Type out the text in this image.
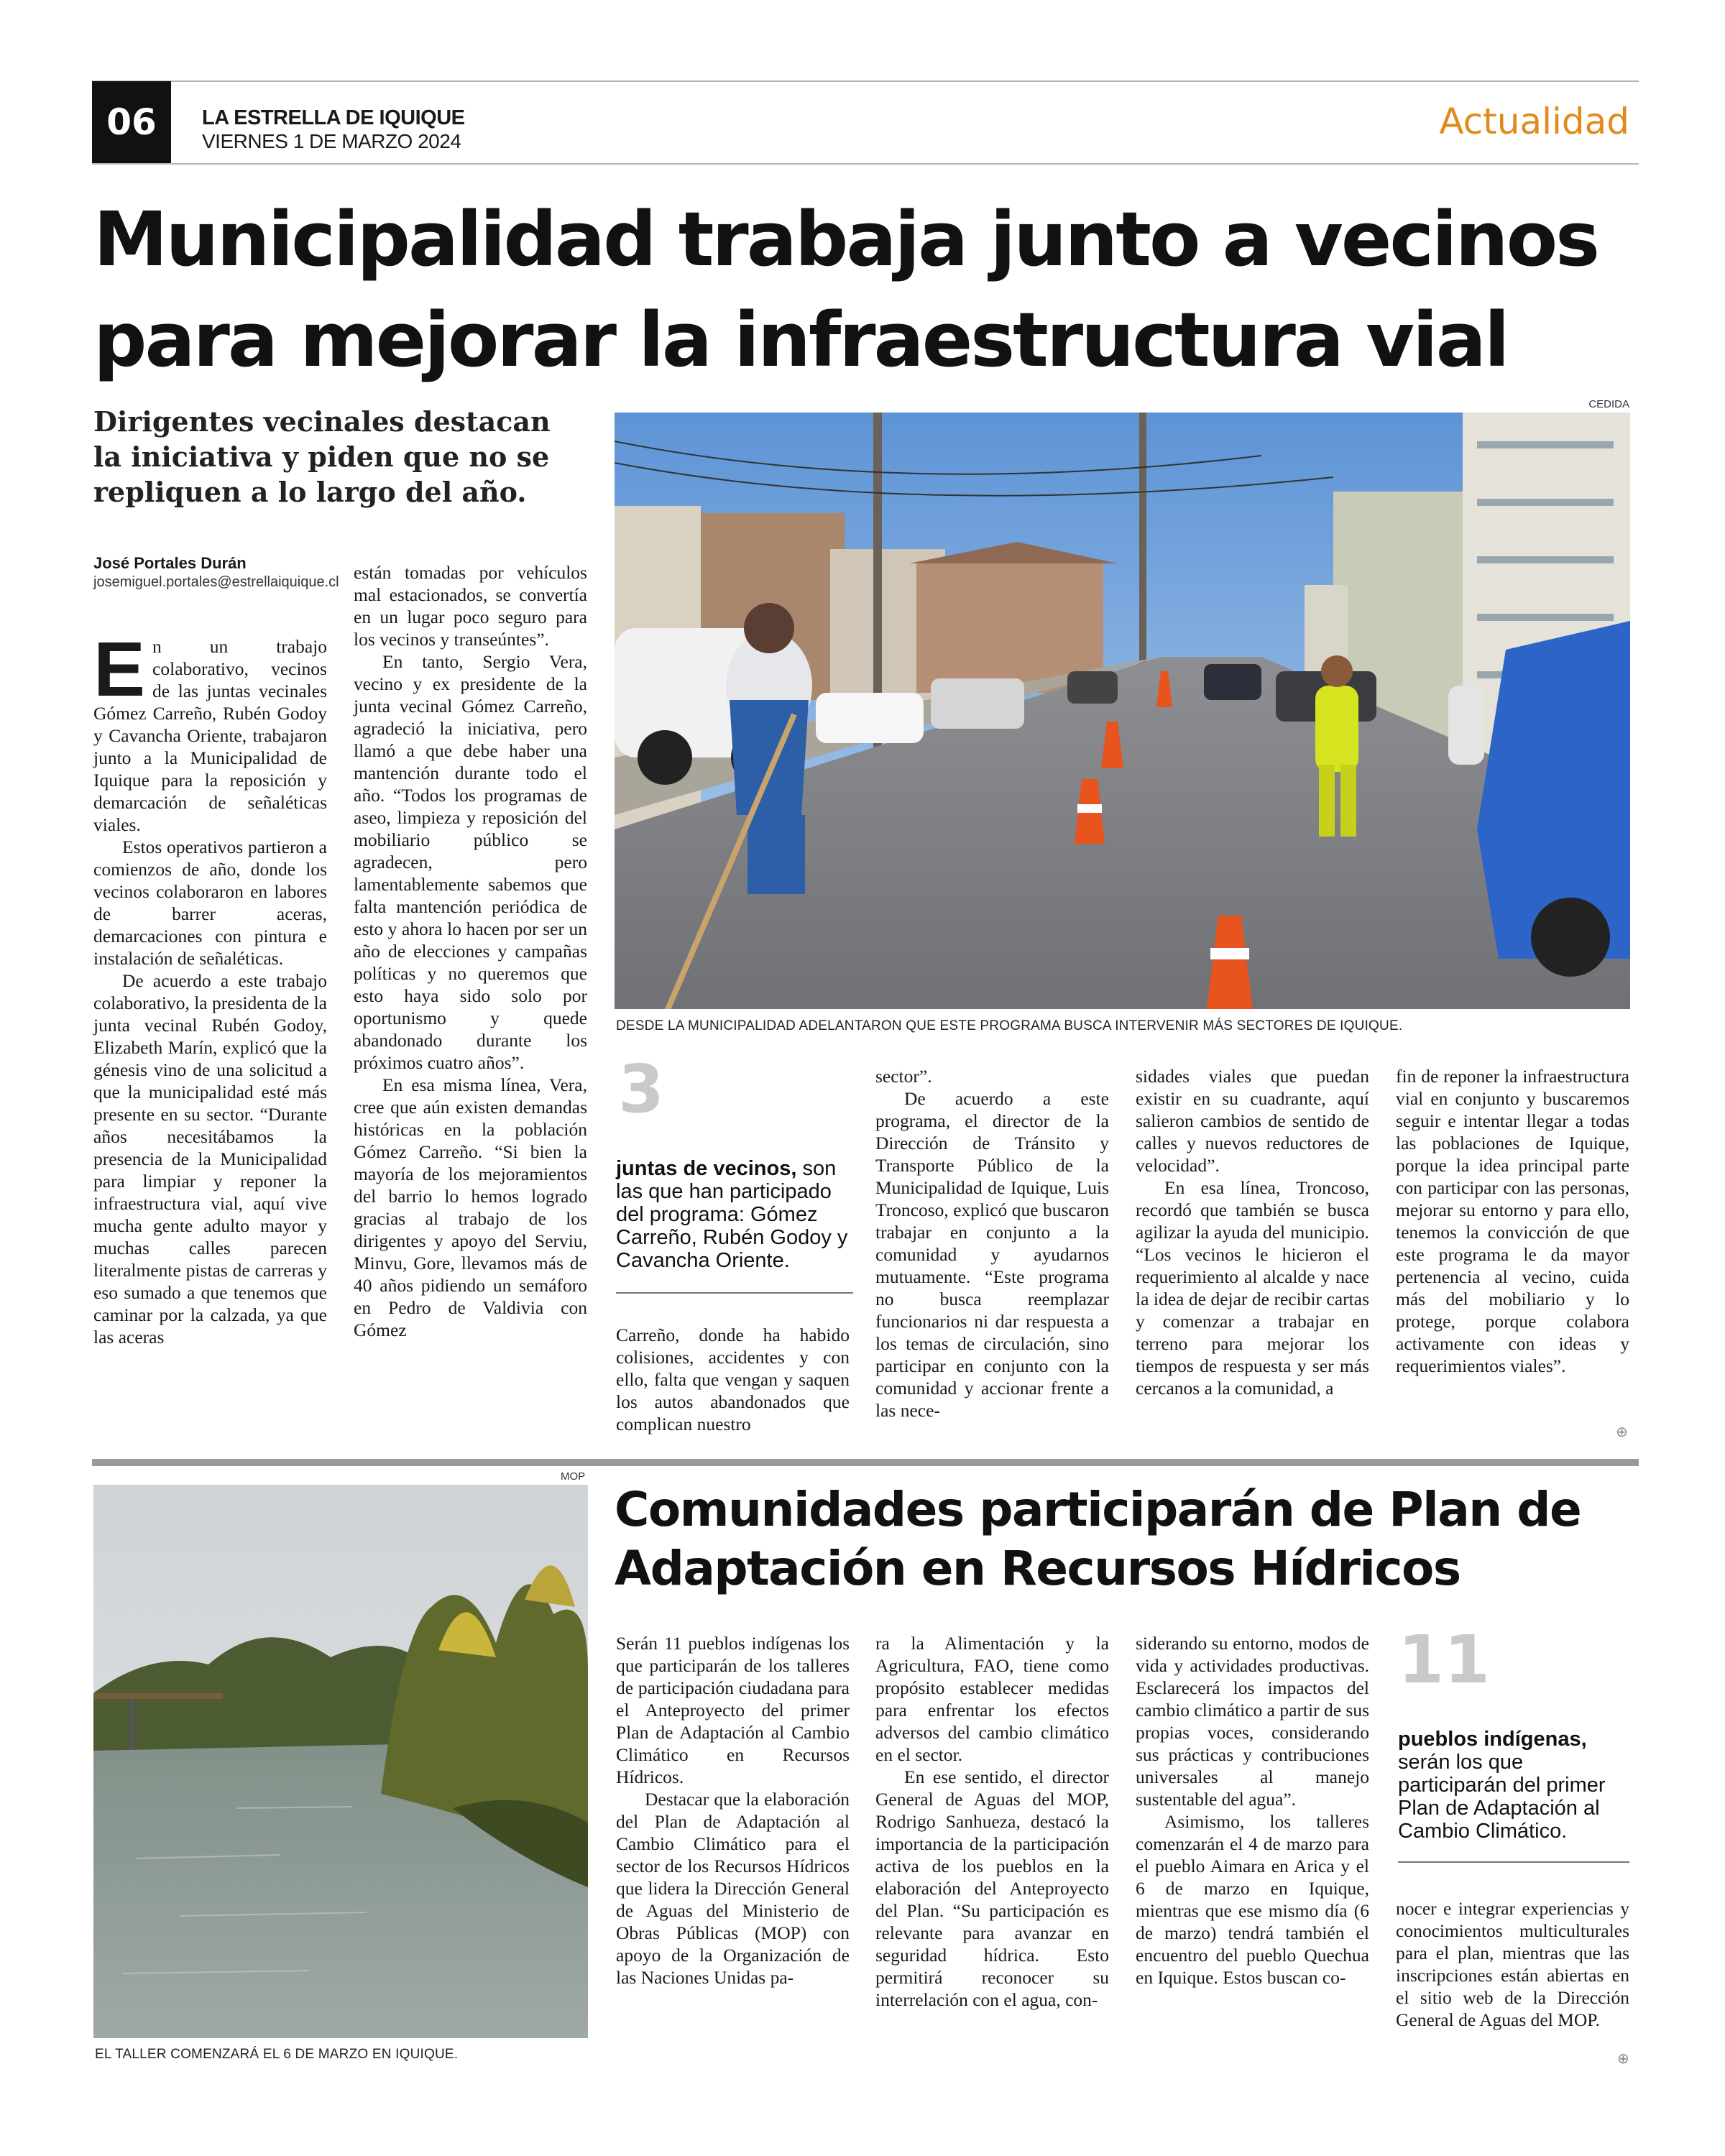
06	LA ESTRELLA DE IQUIQUE
VIERNES 1 DE MARZO 2024	Actualidad
Municipalidad trabaja junto a vecinos
para mejorar la infraestructura vial
Dirigentes vecinales destacan la iniciativa y piden que no se repliquen a lo largo del año.
José Portales Durán
josemiguel.portales@estrellaiquique.cl
CEDIDA
DESDE LA MUNICIPALIDAD ADELANTARON QUE ESTE PROGRAMA BUSCA INTERVENIR MÁS SECTORES DE IQUIQUE.
E n un trabajo colaborativo, vecinos de las juntas vecinales Gómez Carreño, Rubén Godoy y Cavancha Oriente, trabajaron junto a la Municipalidad de Iquique para la reposición y demarcación de señaléticas viales.

Estos operativos partieron a comienzos de año, donde los vecinos colaboraron en labores de barrer aceras, demarcaciones con pintura e instalación de señaléticas.

De acuerdo a este trabajo colaborativo, la presidenta de la junta vecinal Rubén Godoy, Elizabeth Marín, explicó que la génesis vino de una solicitud a que la municipalidad esté más presente en su sector. “Durante años necesitábamos la presencia de la Municipalidad para limpiar y reponer la infraestructura vial, aquí vive mucha gente adulto mayor y muchas calles parecen literalmente pistas de carreras y eso sumado a que tenemos que caminar por la calzada, ya que las aceras

están tomadas por vehículos mal estacionados, se convertía en un lugar poco seguro para los vecinos y transeúntes”.

En tanto, Sergio Vera, vecino y ex presidente de la junta vecinal Gómez Carreño, agradeció la iniciativa, pero llamó a que debe haber una mantención durante todo el año. “Todos los programas de aseo, limpieza y reposición del mobiliario público se agradecen, pero lamentablemente sabemos que falta mantención periódica de esto y ahora lo hacen por ser un año de elecciones y campañas políticas y no queremos que esto haya sido solo por oportunismo y quede abandonado durante los próximos cuatro años”.

En esa misma línea, Vera, cree que aún existen demandas históricas en la población Gómez Carreño. “Si bien la mayoría de los mejoramientos del barrio lo hemos logrado gracias al trabajo de los dirigentes y apoyo del Serviu, Minvu, Gore, llevamos más de 40 años pidiendo un semáforo en Pedro de Valdivia con Gómez

3
juntas de vecinos, son las que han participado del programa: Gómez Carreño, Rubén Godoy y Cavancha Oriente.

Carreño, donde ha habido colisiones, accidentes y con ello, falta que vengan y saquen los autos abandonados que complican nuestro

sector”.

De acuerdo a este programa, el director de la Dirección de Tránsito y Transporte Público de la Municipalidad de Iquique, Luis Troncoso, explicó que buscaron trabajar en conjunto a la comunidad y ayudarnos mutuamente. “Este programa no busca reemplazar funcionarios ni dar respuesta a los temas de circulación, sino participar en conjunto con la comunidad y accionar frente a las nece-

sidades viales que puedan existir en su cuadrante, aquí salieron cambios de sentido de calles y nuevos reductores de velocidad”.

En esa línea, Troncoso, recordó que también se busca agilizar la ayuda del municipio. “Los vecinos le hicieron el requerimiento al alcalde y nace la idea de dejar de recibir cartas y comenzar a trabajar en terreno para mejorar los tiempos de respuesta y ser más cercanos a la comunidad, a

fin de reponer la infraestructura vial en conjunto y buscaremos seguir e intentar llegar a todas las poblaciones de Iquique, porque la idea principal parte con participar con las personas, mejorar su entorno y para ello, tenemos la convicción de que este programa le da mayor pertenencia al vecino, cuida más del mobiliario y lo protege, porque colabora activamente con ideas y requerimientos viales”.

⊕
MOP
EL TALLER COMENZARÁ EL 6 DE MARZO EN IQUIQUE.
Comunidades participarán de Plan de
Adaptación en Recursos Hídricos

Serán 11 pueblos indígenas los que participarán de los talleres de participación ciudadana para el Anteproyecto del primer Plan de Adaptación al Cambio Climático en Recursos Hídricos.

Destacar que la elaboración del Plan de Adaptación al Cambio Climático para el sector de los Recursos Hídricos que lidera la Dirección General de Aguas del Ministerio de Obras Públicas (MOP) con apoyo de la Organización de las Naciones Unidas pa-

ra la Alimentación y la Agricultura, FAO, tiene como propósito establecer medidas para enfrentar los efectos adversos del cambio climático en el sector.

En ese sentido, el director General de Aguas del MOP, Rodrigo Sanhueza, destacó la importancia de la participación activa de los pueblos en la elaboración del Anteproyecto del Plan. “Su participación es relevante para avanzar en seguridad hídrica. Esto permitirá reconocer su interrelación con el agua, con-

siderando su entorno, modos de vida y actividades productivas. Esclarecerá los impactos del cambio climático a partir de sus propias voces, considerando sus prácticas y contribuciones universales al manejo sustentable del agua”.

Asimismo, los talleres comenzarán el 4 de marzo para el pueblo Aimara en Arica y el 6 de marzo en Iquique, mientras que ese mismo día (6 de marzo) tendrá también el encuentro del pueblo Quechua en Iquique. Estos buscan co-

11
pueblos indígenas, serán los que participarán del primer Plan de Adaptación al Cambio Climático.

nocer e integrar experiencias y conocimientos multiculturales para el plan, mientras que las inscripciones están abiertas en el sitio web de la Dirección General de Aguas del MOP.

⊕
